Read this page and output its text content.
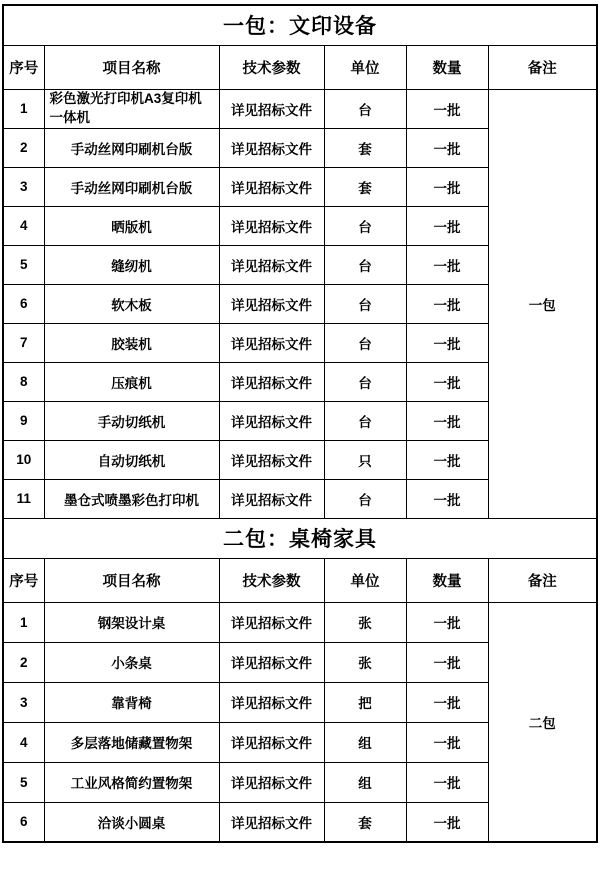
一包：文印设备					
序号	项目名称	技术参数	单位	数量	备注
1	彩色激光打印机A3复印机一体机	详见招标文件	台	一批	一包
2	手动丝网印刷机台版	详见招标文件	套	一批	
3	手动丝网印刷机台版	详见招标文件	套	一批	
4	晒版机	详见招标文件	台	一批	
5	缝纫机	详见招标文件	台	一批	
6	软木板	详见招标文件	台	一批	
7	胶装机	详见招标文件	台	一批	
8	压痕机	详见招标文件	台	一批	
9	手动切纸机	详见招标文件	台	一批	
10	自动切纸机	详见招标文件	只	一批	
11	墨仓式喷墨彩色打印机	详见招标文件	台	一批	
二包：桌椅家具					
序号	项目名称	技术参数	单位	数量	备注
1	钢架设计桌	详见招标文件	张	一批	二包
2	小条桌	详见招标文件	张	一批	
3	靠背椅	详见招标文件	把	一批	
4	多层落地储藏置物架	详见招标文件	组	一批	
5	工业风格简约置物架	详见招标文件	组	一批	
6	洽谈小圆桌	详见招标文件	套	一批	
